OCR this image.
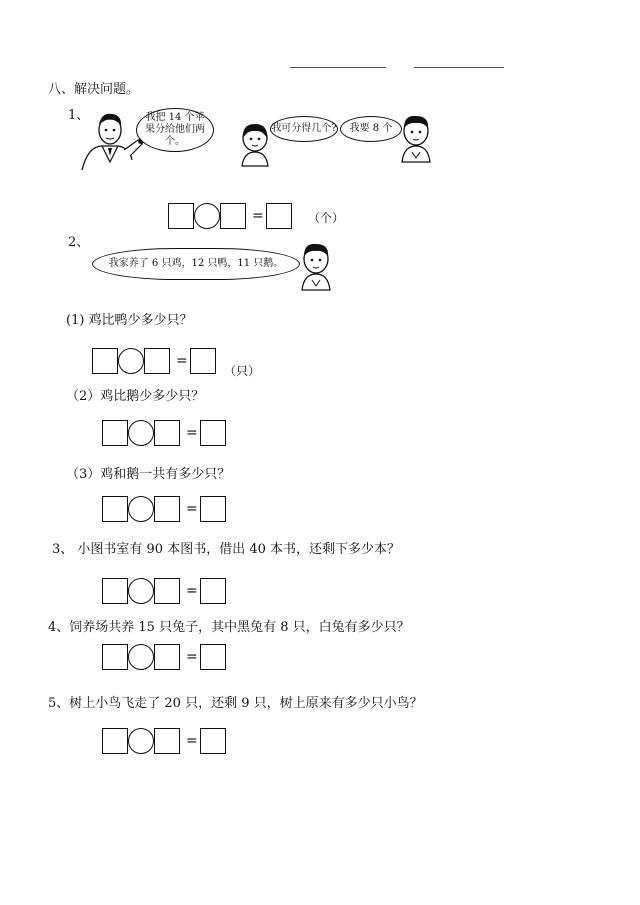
八、解决问题。
1、	我把 14 个苹果分给他们两个。
我可分得几个?	我要 8 个
=	（个）
2、
我家养了 6 只鸡，12 只鸭，11 只鹅。
(1) 鸡比鸭少多少只？
=
（只）
（2）鸡比鹅少多少只？
=
（3）鸡和鹅一共有多少只？
=
3、 小图书室有 90 本图书，借出 40 本书，还剩下多少本？
=
4、饲养场共养 15 只兔子，其中黑兔有 8 只，白兔有多少只？
=
5、树上小鸟飞走了 20 只，还剩 9 只，树上原来有多少只小鸟？
=
